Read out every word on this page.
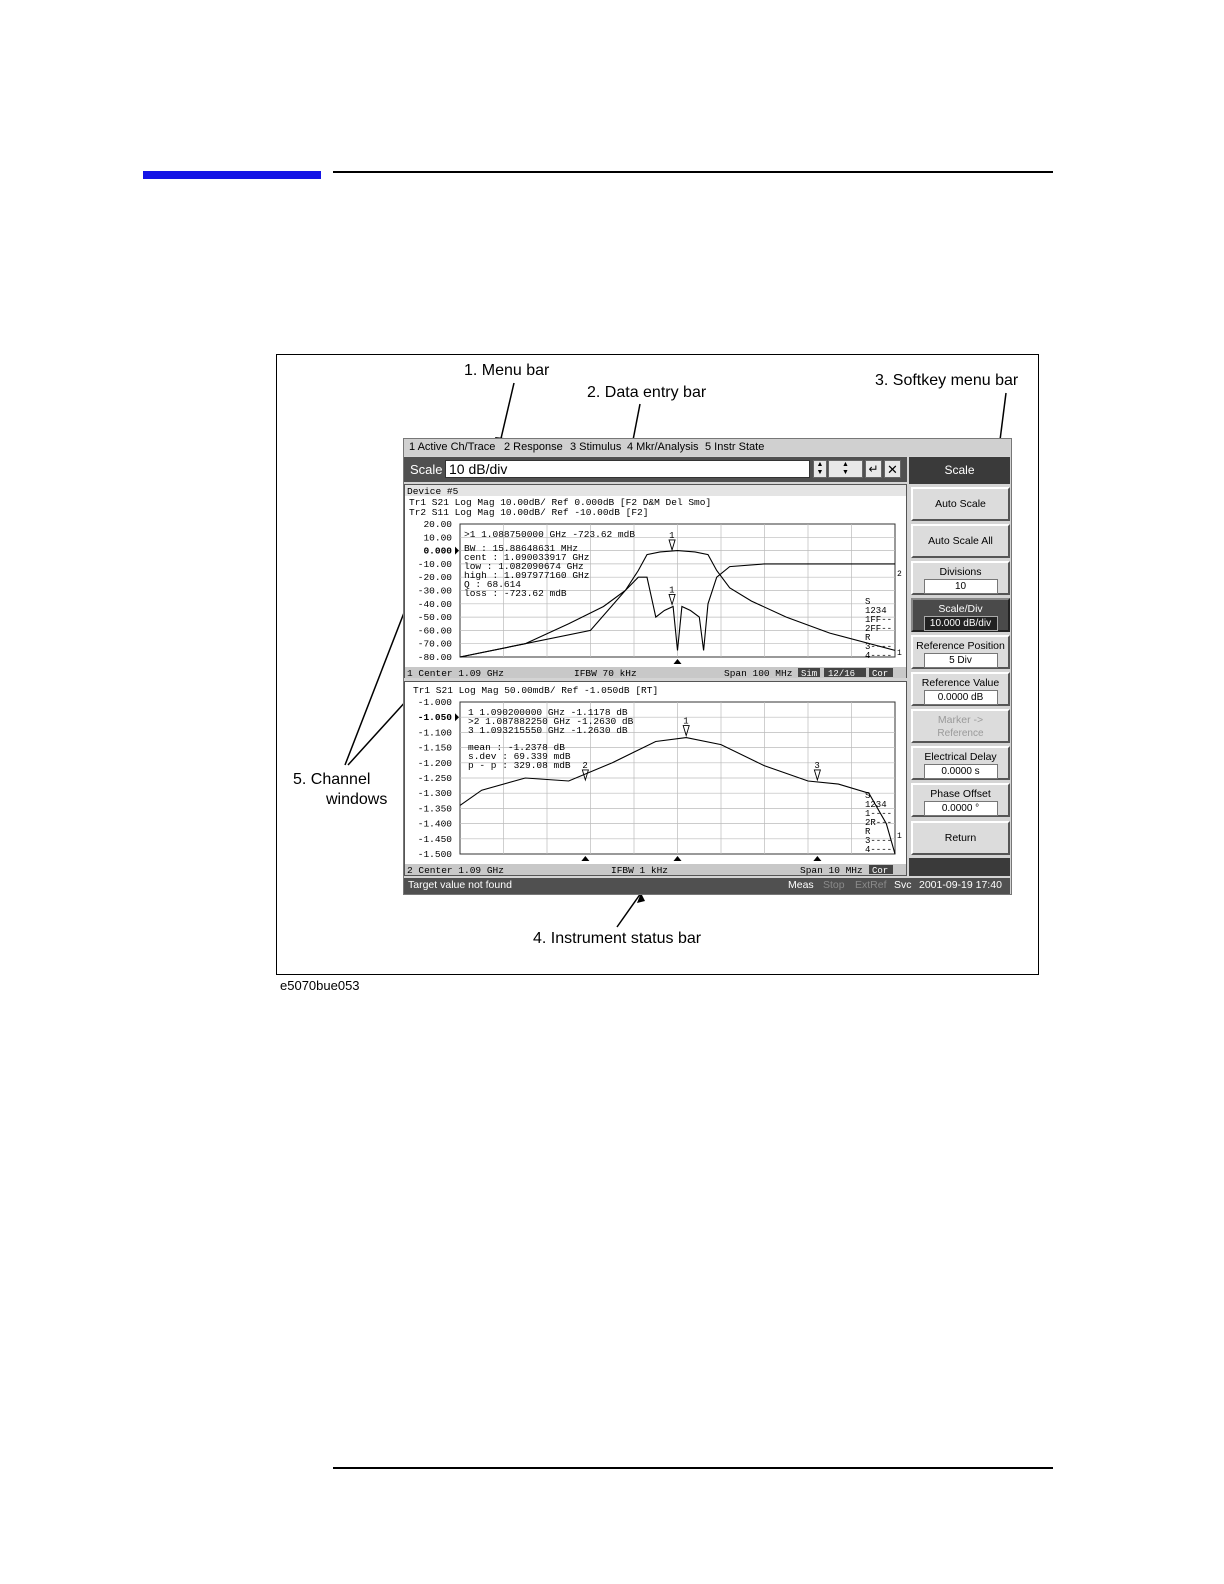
e5070bue053
1. Menu bar
2. Data entry bar
3. Softkey menu bar
4. Instrument status bar
5. Channel
windows
1 Active Ch/Trace 2 Response 3 Stimulus 4 Mkr/Analysis 5 Instr State
Scale 10 dB/div	▲
▼
▲
▼	↵ ✕	Scale
Auto Scale
Auto Scale All
Divisions
10
Scale/Div
10.000 dB/div
Reference Position
5 Div
Reference Value
0.0000 dB
Marker ->
Reference
Electrical Delay
0.0000 s
Phase Offset
0.0000 °
Return
Device #5
Tr1 S21 Log Mag 10.00dB/ Ref 0.000dB [F2 D&M Del Smo]
Tr2 S11 Log Mag 10.00dB/ Ref -10.00dB [F2]
20.00
10.00
0.000
-10.00
-20.00
-30.00
-40.00
-50.00
-60.00
-70.00
-80.00
>1 1.088750000 GHz -723.62 mdB
BW : 15.88648631 MHz
cent : 1.090033917 GHz
low : 1.082090674 GHz
high : 1.097977160 GHz
Q : 68.614
loss : -723.62 mdB
S
1234
1FF--
2FF--
R
3----
4----
1
1
1
2
1 Center 1.09 GHz	IFBW 70 kHz	Span 100 MHz Sim 12/16 Cor
Tr1 S21 Log Mag 50.00mdB/ Ref -1.050dB [RT]
-1.000
-1.050
-1.100
-1.150
-1.200
-1.250
-1.300
-1.350
-1.400
-1.450
-1.500
1 1.090200000 GHz -1.1178 dB
>2 1.087882250 GHz -1.2630 dB
3 1.093215550 GHz -1.2630 dB
mean : -1.2378 dB
s.dev : 69.339 mdB
p - p : 329.08 mdB
S
1234
1----
2R---
R
3----
4----
1
2	3
1
2 Center 1.09 GHz	IFBW 1 kHz	Span 10 MHz Cor
Target value not found	Meas Stop ExtRef Svc 2001-09-19 17:40
